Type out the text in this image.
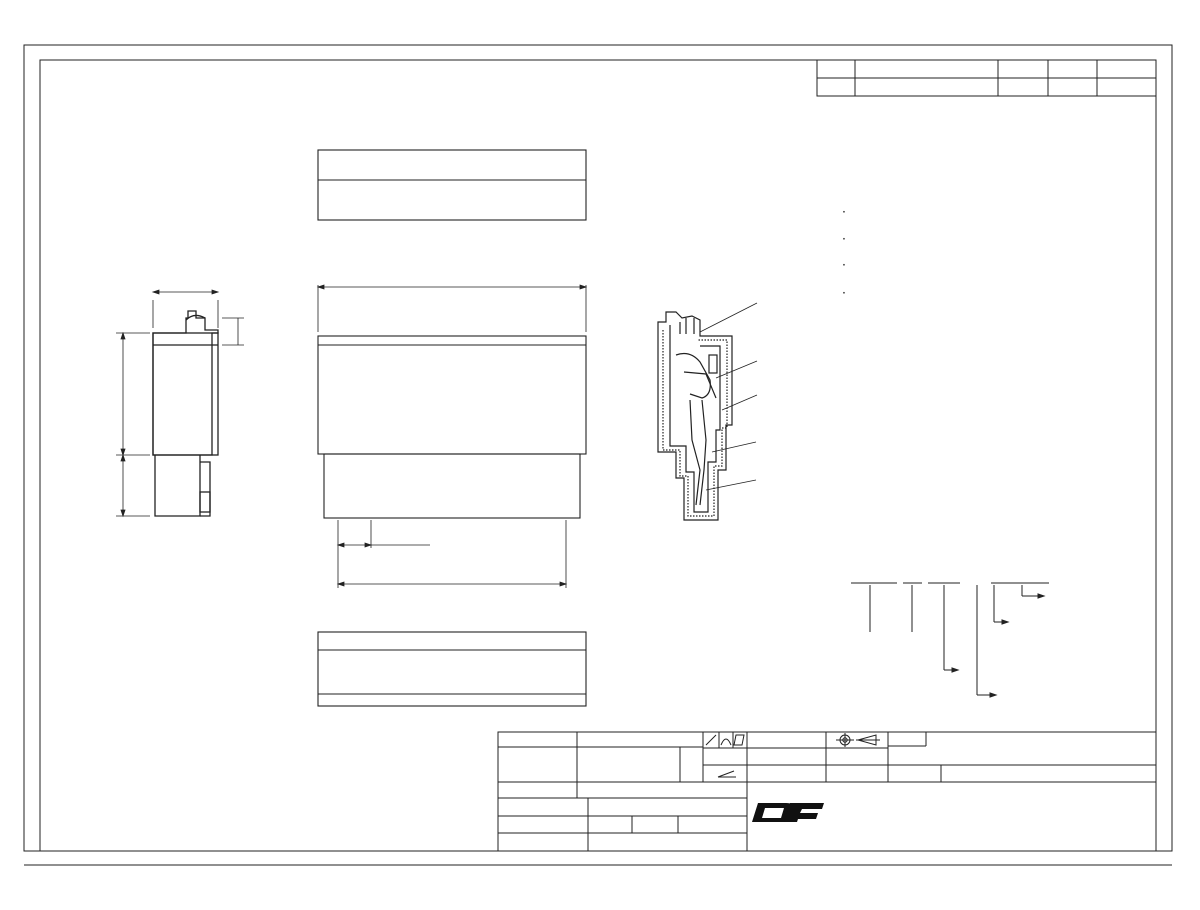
·
·
·
·
